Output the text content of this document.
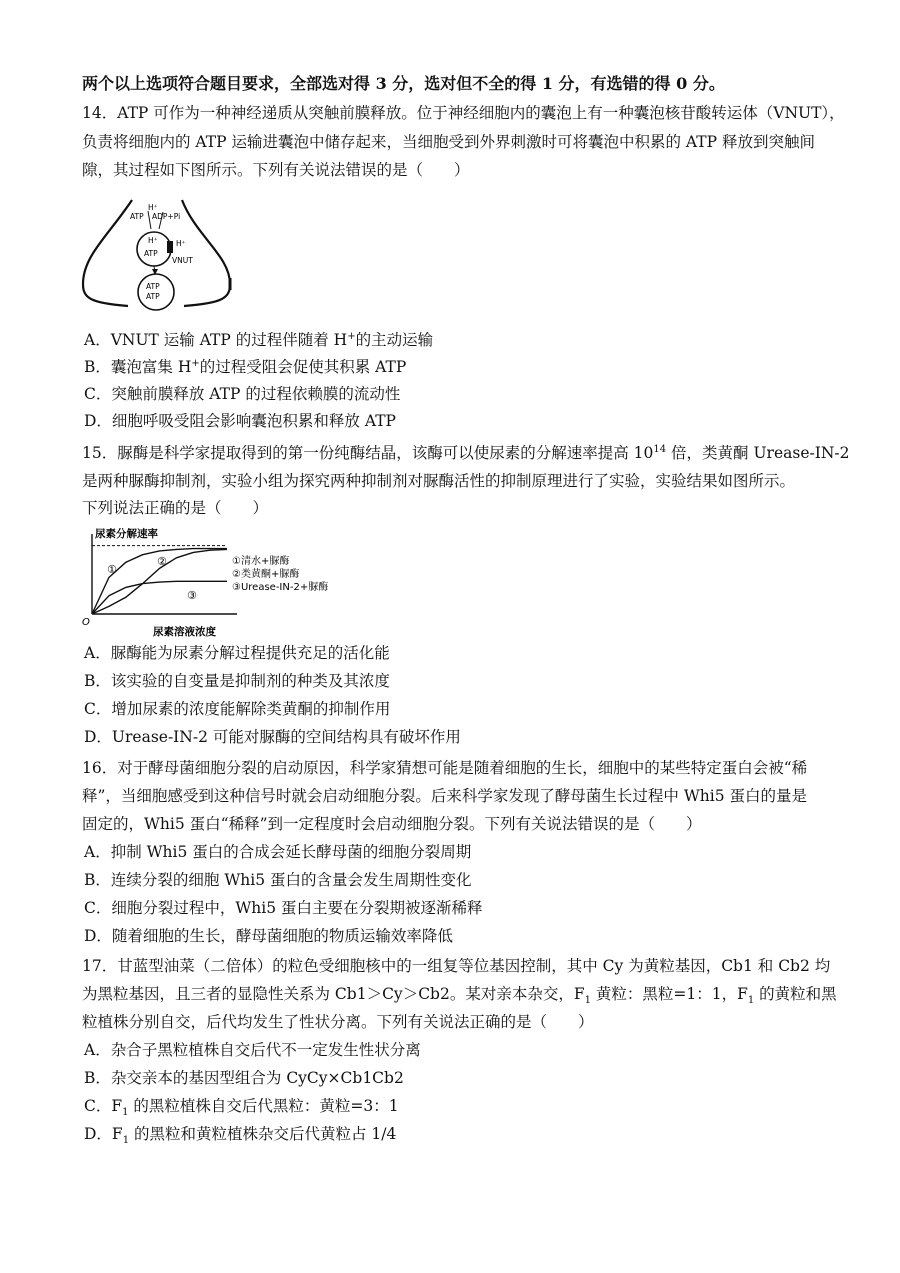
两个以上选项符合题目要求，全部选对得 3 分，选对但不全的得 1 分，有选错的得 0 分。
14．ATP 可作为一种神经递质从突触前膜释放。位于神经细胞内的囊泡上有一种囊泡核苷酸转运体（VNUT），
负责将细胞内的 ATP 运输进囊泡中储存起来，当细胞受到外界刺激时可将囊泡中积累的 ATP 释放到突触间
隙，其过程如下图所示。下列有关说法错误的是（　　）
H⁺
ATP ADP+Pi
H⁺
ATP
H⁺
VNUT
ATP
ATP
A．VNUT 运输 ATP 的过程伴随着 H+的主动运输
B．囊泡富集 H+的过程受阻会促使其积累 ATP
C．突触前膜释放 ATP 的过程依赖膜的流动性
D．细胞呼吸受阻会影响囊泡积累和释放 ATP
15．脲酶是科学家提取得到的第一份纯酶结晶，该酶可以使尿素的分解速率提高 $10^{14}$ 倍，类黄酮 Urease-IN-2
是两种脲酶抑制剂，实验小组为探究两种抑制剂对脲酶活性的抑制原理进行了实验，实验结果如图所示。
下列说法正确的是（　　）
尿素分解速率
尿素溶液浓度
O
①
②
③
①清水+脲酶
②类黄酮+脲酶
③Urease-IN-2+脲酶
A．脲酶能为尿素分解过程提供充足的活化能
B．该实验的自变量是抑制剂的种类及其浓度
C．增加尿素的浓度能解除类黄酮的抑制作用
D．Urease-IN-2 可能对脲酶的空间结构具有破坏作用
16．对于酵母菌细胞分裂的启动原因，科学家猜想可能是随着细胞的生长，细胞中的某些特定蛋白会被“稀
释”，当细胞感受到这种信号时就会启动细胞分裂。后来科学家发现了酵母菌生长过程中 Whi5 蛋白的量是
固定的，Whi5 蛋白“稀释”到一定程度时会启动细胞分裂。下列有关说法错误的是（　　）
A．抑制 Whi5 蛋白的合成会延长酵母菌的细胞分裂周期
B．连续分裂的细胞 Whi5 蛋白的含量会发生周期性变化
C．细胞分裂过程中，Whi5 蛋白主要在分裂期被逐渐稀释
D．随着细胞的生长，酵母菌细胞的物质运输效率降低
17．甘蓝型油菜（二倍体）的粒色受细胞核中的一组复等位基因控制，其中 Cy 为黄粒基因，Cb1 和 Cb2 均
为黑粒基因，且三者的显隐性关系为 Cb1＞Cy＞Cb2。某对亲本杂交，$F_1$ 黄粒：黑粒=1：1，$F_1$ 的黄粒和黑
粒植株分别自交，后代均发生了性状分离。下列有关说法正确的是（　　）
A．杂合子黑粒植株自交后代不一定发生性状分离
B．杂交亲本的基因型组合为 CyCy×Cb1Cb2
C．$F_1$ 的黑粒植株自交后代黑粒：黄粒=3：1
D．$F_1$ 的黑粒和黄粒植株杂交后代黄粒占 1/4
